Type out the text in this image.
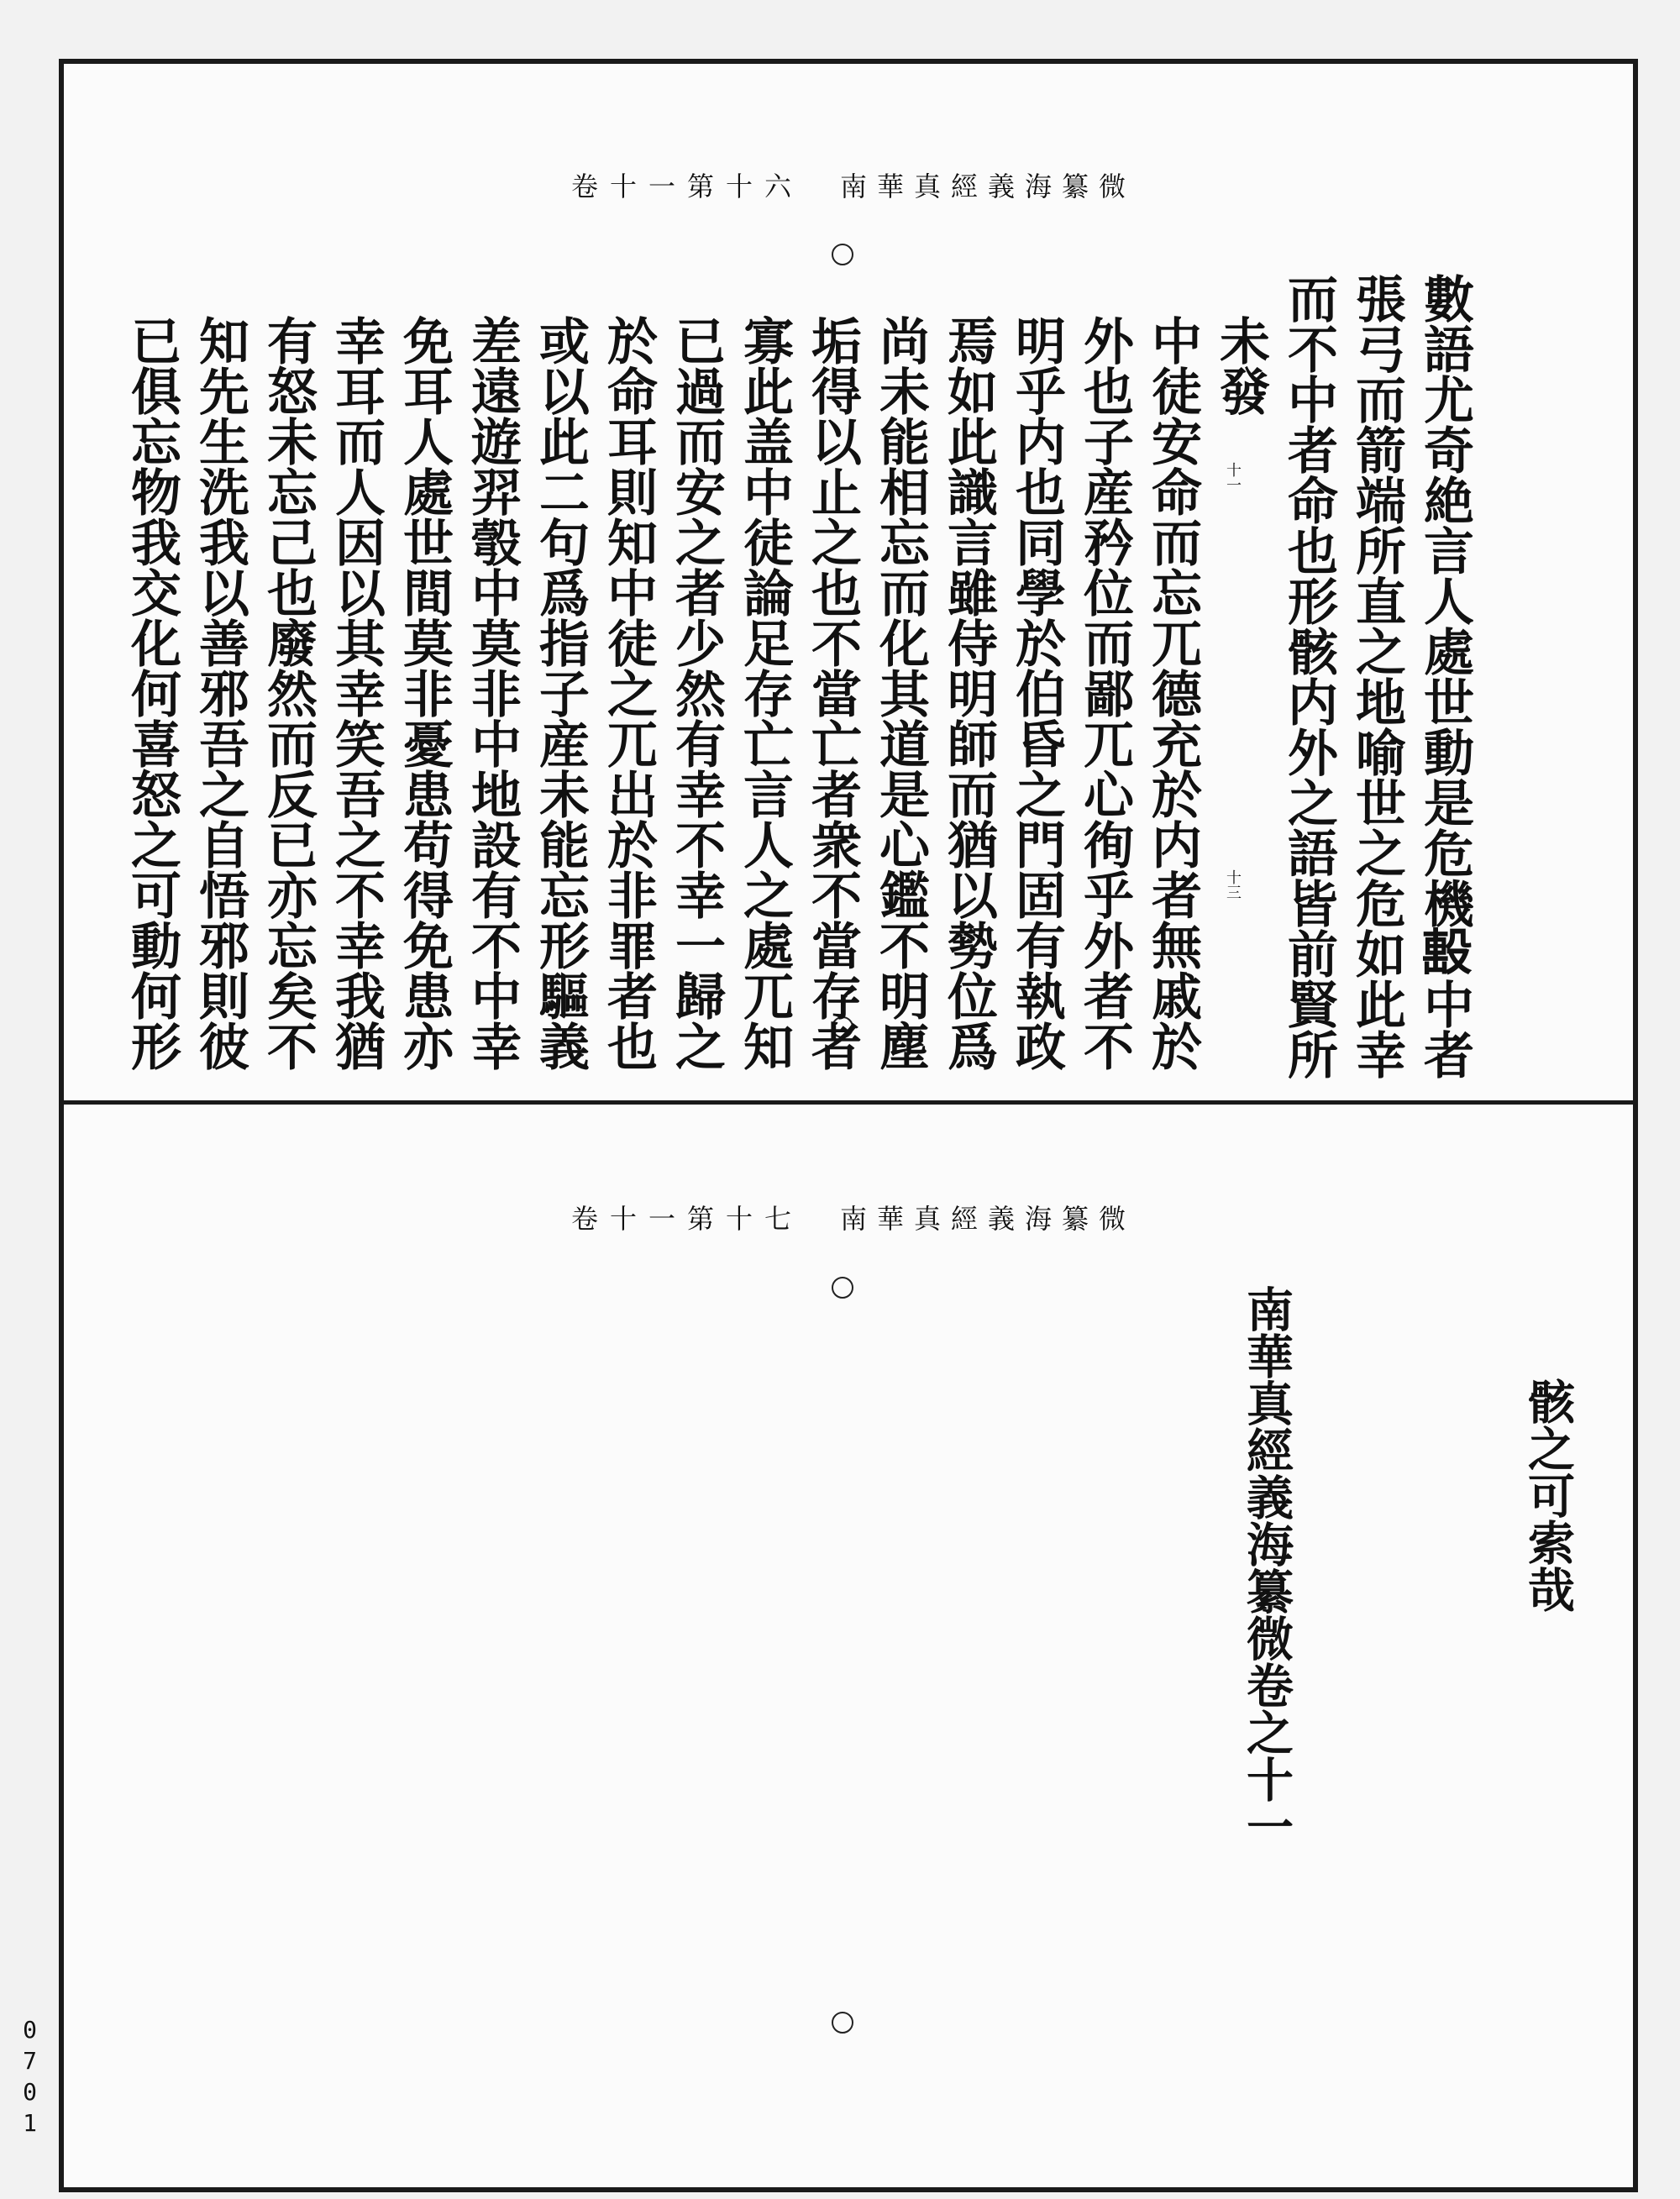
卷十一第十六 南華真經義海纂微
數語尤奇絶言人處世動是危機𣪠中者
張弓而箭端所直之地喻世之危如此幸
而不中者命也形骸内外之語皆前賢所
未發
中徒安命而忘兀德充於内者無戚於
外也子産矜位而鄙兀心徇乎外者不
明乎内也同學於伯昏之門固有執政
焉如此識言雖侍明師而猶以勢位爲
尚未能相忘而化其道是心鑑不明塵
垢得以止之也不當亡者衆不當存者
寡此盖中徒論足存亡言人之處兀知
已過而安之者少然有幸不幸一歸之
於命耳則知中徒之兀出於非罪者也
或以此二句爲指子産未能忘形驅義
差遠遊羿彀中莫非中地設有不中幸
免耳人處世間莫非憂患苟得免患亦
幸耳而人因以其幸笑吾之不幸我猶
有怒未忘己也廢然而反已亦忘矣不
知先生洗我以善邪吾之自悟邪則彼
已俱忘物我交化何喜怒之可動何形	十一
十三
卷十一第十七 南華真經義海纂微
骸之可索哉
南華真經義海纂微卷之十一
0701
